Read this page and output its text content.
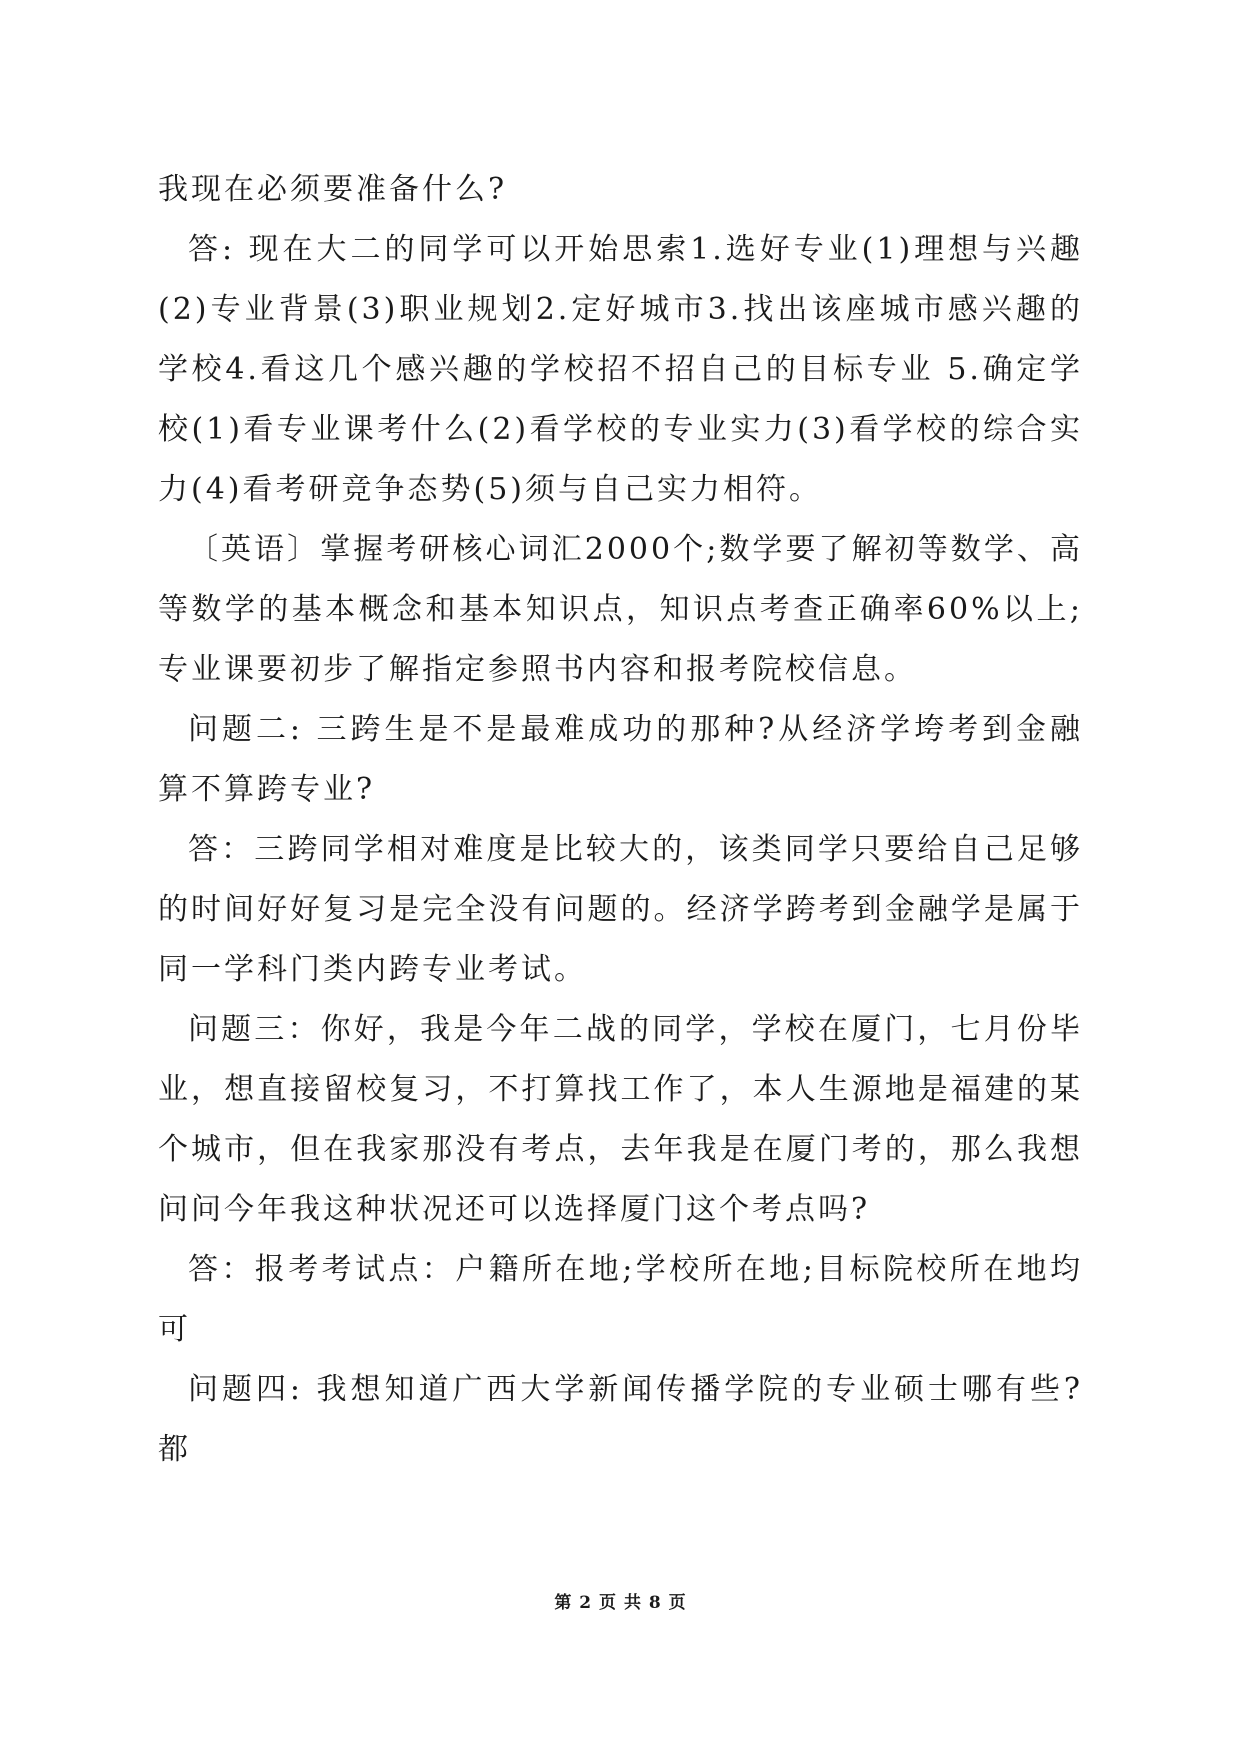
我现在必须要准备什么?

答: 现在大二的同学可以开始思索1.选好专业(1)理想与兴趣(2)专业背景(3)职业规划2.定好城市3.找出该座城市感兴趣的学校4.看这几个感兴趣的学校招不招自己的目标专业 5.确定学校(1)看专业课考什么(2)看学校的专业实力(3)看学校的综合实力(4)看考研竞争态势(5)须与自己实力相符。

〔英语〕掌握考研核心词汇2000个;数学要了解初等数学、高等数学的基本概念和基本知识点，知识点考查正确率60%以上;专业课要初步了解指定参照书内容和报考院校信息。

问题二: 三跨生是不是最难成功的那种?从经济学垮考到金融算不算跨专业?

答：三跨同学相对难度是比较大的，该类同学只要给自己足够的时间好好复习是完全没有问题的。经济学跨考到金融学是属于同一学科门类内跨专业考试。

问题三：你好，我是今年二战的同学，学校在厦门，七月份毕业，想直接留校复习，不打算找工作了，本人生源地是福建的某个城市，但在我家那没有考点，去年我是在厦门考的，那么我想问问今年我这种状况还可以选择厦门这个考点吗?

答：报考考试点：户籍所在地;学校所在地;目标院校所在地均可

问题四: 我想知道广西大学新闻传播学院的专业硕士哪有些?都

第 2 页 共 8 页
